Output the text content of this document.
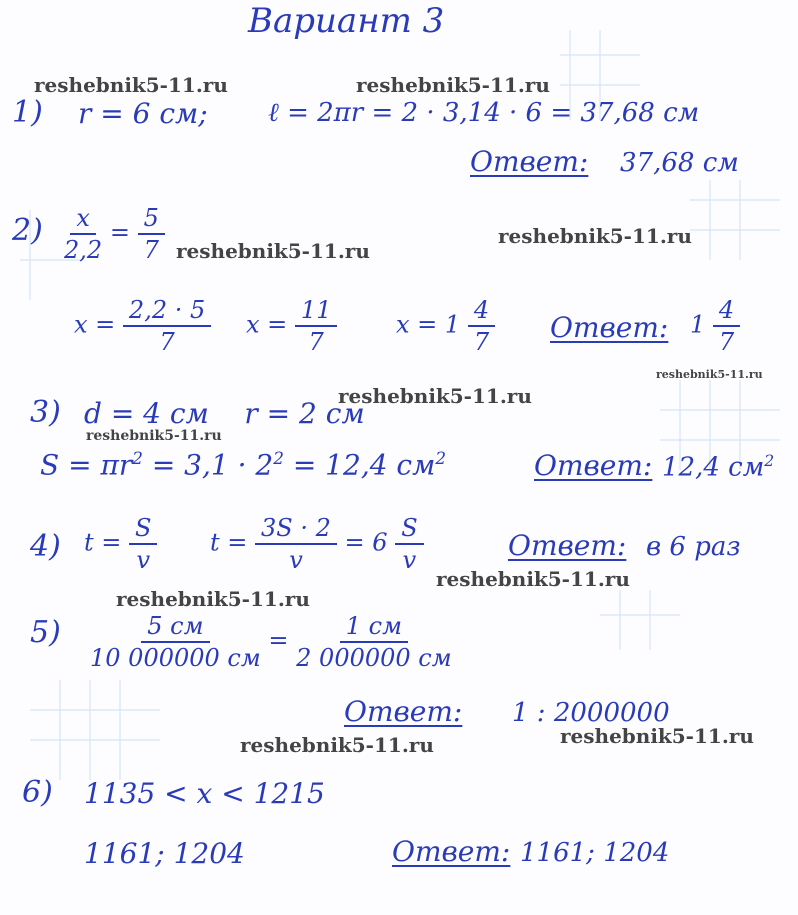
Вариант 3
reshebnik5-11.ru	reshebnik5-11.ru
1) r = 6 см; ℓ = 2πr = 2 · 3,14 · 6 = 37,68 см
Ответ: 37,68 см
$2) \frac{x}{2,2} = \frac{5}{7}$ reshebnik5-11.ru
reshebnik5-11.ru
$x = \frac{2,2 \cdot 5}{7}$ $x = \frac{11}{7}$ $x = 1 \frac{4}{7}$ Ответ: $1 \frac{4}{7}$
reshebnik5-11.ru
reshebnik5-11.ru
3) d = 4 см    r = 2 см
reshebnik5-11.ru
$S = \pi r^2 = 3,1 \cdot 2^2 = 12,4$ $см^2$	Ответ: 12,4 $см^2$
4) $t = \frac{S}{v}$ $t = \frac{3S \cdot 2}{v} = 6 \frac{S}{v}$	Ответ: в 6 раз
reshebnik5-11.ru
reshebnik5-11.ru
$5) \frac{5 см}{10 000000 см} = \frac{1 см}{2 000000 см}$
Ответ: 1 : 2000000
reshebnik5-11.ru	reshebnik5-11.ru
6) 1135 < x < 1215
1161; 1204	Ответ: 1161; 1204
